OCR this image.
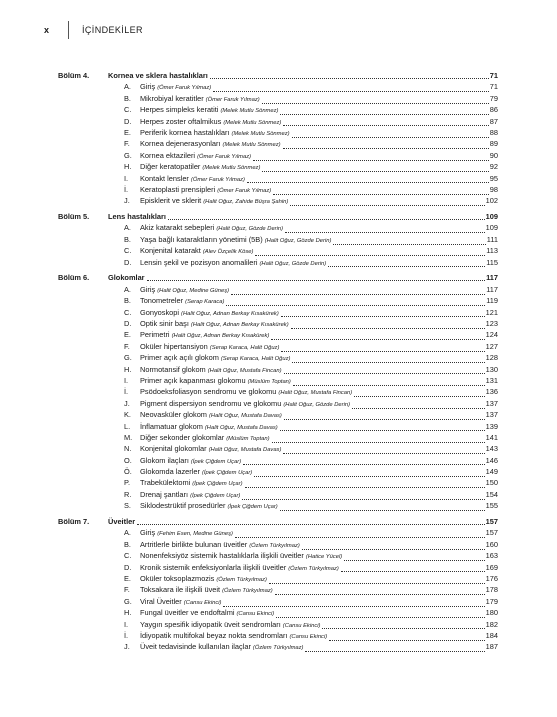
x	İÇİNDEKİLER
Bölüm 4.	Kornea ve sklera hastalıkları	71
A.	Giriş (Ömer Faruk Yılmaz)	71
B.	Mikrobiyal keratitler (Ömer Faruk Yılmaz)	79
C.	Herpes simpleks keratiti (Melek Mutlu Sönmez)	86
D.	Herpes zoster oftalmikus (Melek Mutlu Sönmez)	87
E.	Periferik kornea hastalıkları (Melek Mutlu Sönmez)	88
F.	Kornea dejenerasyonları (Melek Mutlu Sönmez)	89
G.	Kornea ektazileri (Ömer Faruk Yılmaz)	90
H.	Diğer keratopatiler (Melek Mutlu Sönmez)	92
I.	Kontakt lensler (Ömer Faruk Yılmaz)	95
İ.	Keratoplasti prensipleri (Ömer Faruk Yılmaz)	98
J.	Episklerit ve sklerit (Halit Oğuz, Zahide Büşra Şahin)	102
Bölüm 5.	Lens hastalıkları	109
A.	Akiz katarakt sebepleri (Halit Oğuz, Gözde Derin)	109
B.	Yaşa bağlı kataraktların yönetimi (5B) (Halit Oğuz, Gözde Derin)	111
C.	Konjenital katarakt (Alev Özçelik Köse)	113
D.	Lensin şekil ve pozisyon anomalileri (Halit Oğuz, Gözde Derin)	115
Bölüm 6.	Glokomlar	117
A.	Giriş (Halit Oğuz, Medine Güneş)	117
B.	Tonometreler (Serap Karaca)	119
C.	Gonyoskopi (Halit Oğuz, Adnan Berkay Kısakürek)	121
D.	Optik sinir başı (Halit Oğuz, Adnan Berkay Kısakürek)	123
E.	Perimetri (Halit Oğuz, Adnan Berkay Kısakürek)	124
F.	Oküler hipertansiyon (Serap Karaca, Halit Oğuz)	127
G.	Primer açık açılı glokom (Serap Karaca, Halit Oğuz)	128
H.	Normotansif glokom (Halit Oğuz, Mustafa Fincan)	130
I.	Primer açık kapanması glokomu (Müslüm Toptan)	131
İ.	Psödoeksfoliasyon sendromu ve glokomu (Halit Oğuz, Mustafa Fincan)	136
J.	Pigment dispersiyon sendromu ve glokomu (Halit Oğuz, Gözde Derin)	137
K.	Neovasküler glokom (Halit Oğuz, Mustafa Davas)	137
L.	İnflamatuar glokom (Halit Oğuz, Mustafa Davas)	139
M.	Diğer sekonder glokomlar (Müslüm Toptan)	141
N.	Konjenital glokomlar (Halit Oğuz, Mustafa Davas)	143
O.	Glokom ilaçları (İpek Çiğdem Uçar)	146
Ö.	Glokomda lazerler (İpek Çiğdem Uçar)	149
P.	Trabekülektomi (İpek Çiğdem Uçar)	150
R.	Drenaj şantları (İpek Çiğdem Uçar)	154
S.	Siklodestrüktif prosedürler (İpek Çiğdem Uçar)	155
Bölüm 7.	Üveitler	157
A.	Giriş (Fehim Esen, Medine Güneş)	157
B.	Artritlerle birlikte bulunan üveitler (Özlem Türkyılmaz)	160
C.	Nonenfeksiyöz sistemik hastalıklarla ilişkili üveitler (Hatice Yücel)	163
D.	Kronik sistemik enfeksiyonlarla ilişkili üveitler (Özlem Türkyılmaz)	169
E.	Oküler toksoplazmozis (Özlem Türkyılmaz)	176
F.	Toksakara ile ilişkili üveit (Özlem Türkyılmaz)	178
G.	Viral Üveitler (Cansu Ekinci)	179
H.	Fungal üveitler ve endoftalmi (Cansu Ekinci)	180
I.	Yaygın spesifik idiyopatik üveit sendromları (Cansu Ekinci)	182
İ.	İdiyopatik multifokal beyaz nokta sendromları (Cansu Ekinci)	184
J.	Üveit tedavisinde kullanılan ilaçlar (Özlem Türkyılmaz)	187
